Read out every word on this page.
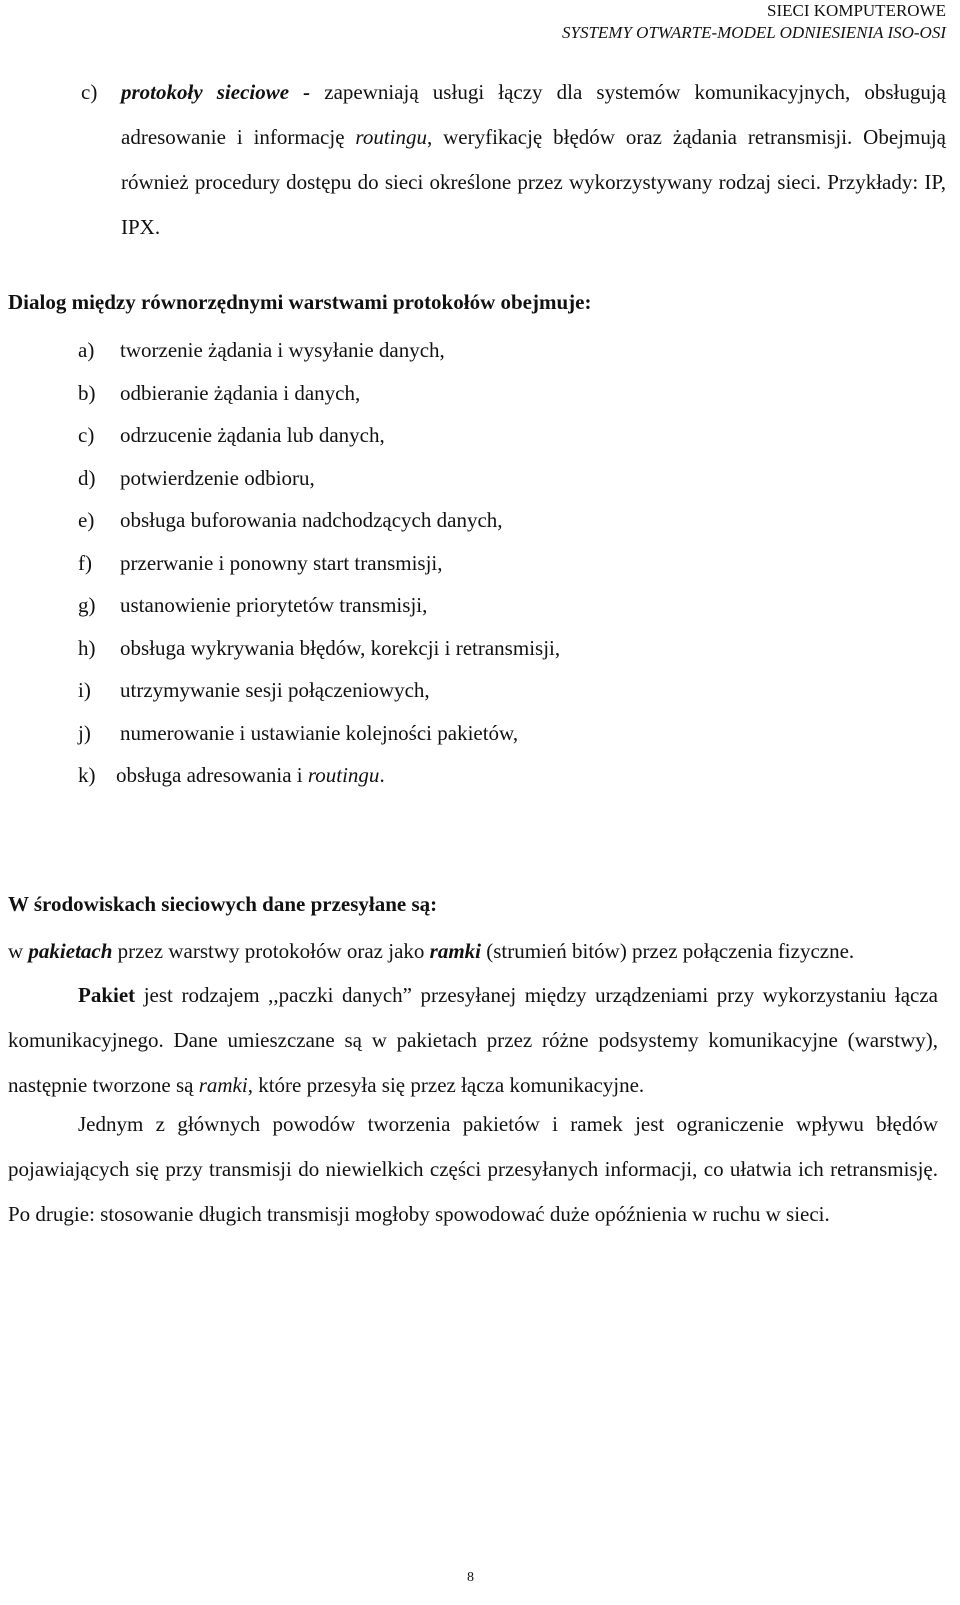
SIECI KOMPUTEROWE
SYSTEMY OTWARTE-MODEL ODNIESIENIA ISO-OSI
c) protokoły sieciowe - zapewniają usługi łączy dla systemów komunikacyjnych, obsługują adresowanie i informację routingu, weryfikację błędów oraz żądania retransmisji. Obejmują również procedury dostępu do sieci określone przez wykorzystywany rodzaj sieci. Przykłady: IP, IPX.
Dialog między równorzędnymi warstwami protokołów obejmuje:
a) tworzenie żądania i wysyłanie danych,
b) odbieranie żądania i danych,
c) odrzucenie żądania lub danych,
d) potwierdzenie odbioru,
e) obsługa buforowania nadchodzących danych,
f) przerwanie i ponowny start transmisji,
g) ustanowienie priorytetów transmisji,
h) obsługa wykrywania błędów, korekcji i retransmisji,
i) utrzymywanie sesji połączeniowych,
j) numerowanie i ustawianie kolejności pakietów,
k) obsługa adresowania i routingu.
W środowiskach sieciowych dane przesyłane są:

w pakietach przez warstwy protokołów oraz jako ramki (strumień bitów) przez połączenia fizyczne.

Pakiet jest rodzajem ,,paczki danych” przesyłanej między urządzeniami przy wykorzystaniu łącza komunikacyjnego. Dane umieszczane są w pakietach przez różne podsystemy komunikacyjne (warstwy), następnie tworzone są ramki, które przesyła się przez łącza komunikacyjne.

Jednym z głównych powodów tworzenia pakietów i ramek jest ograniczenie wpływu błędów pojawiających się przy transmisji do niewielkich części przesyłanych informacji, co ułatwia ich retransmisję. Po drugie: stosowanie długich transmisji mogłoby spowodować duże opóźnienia w ruchu w sieci.

8
